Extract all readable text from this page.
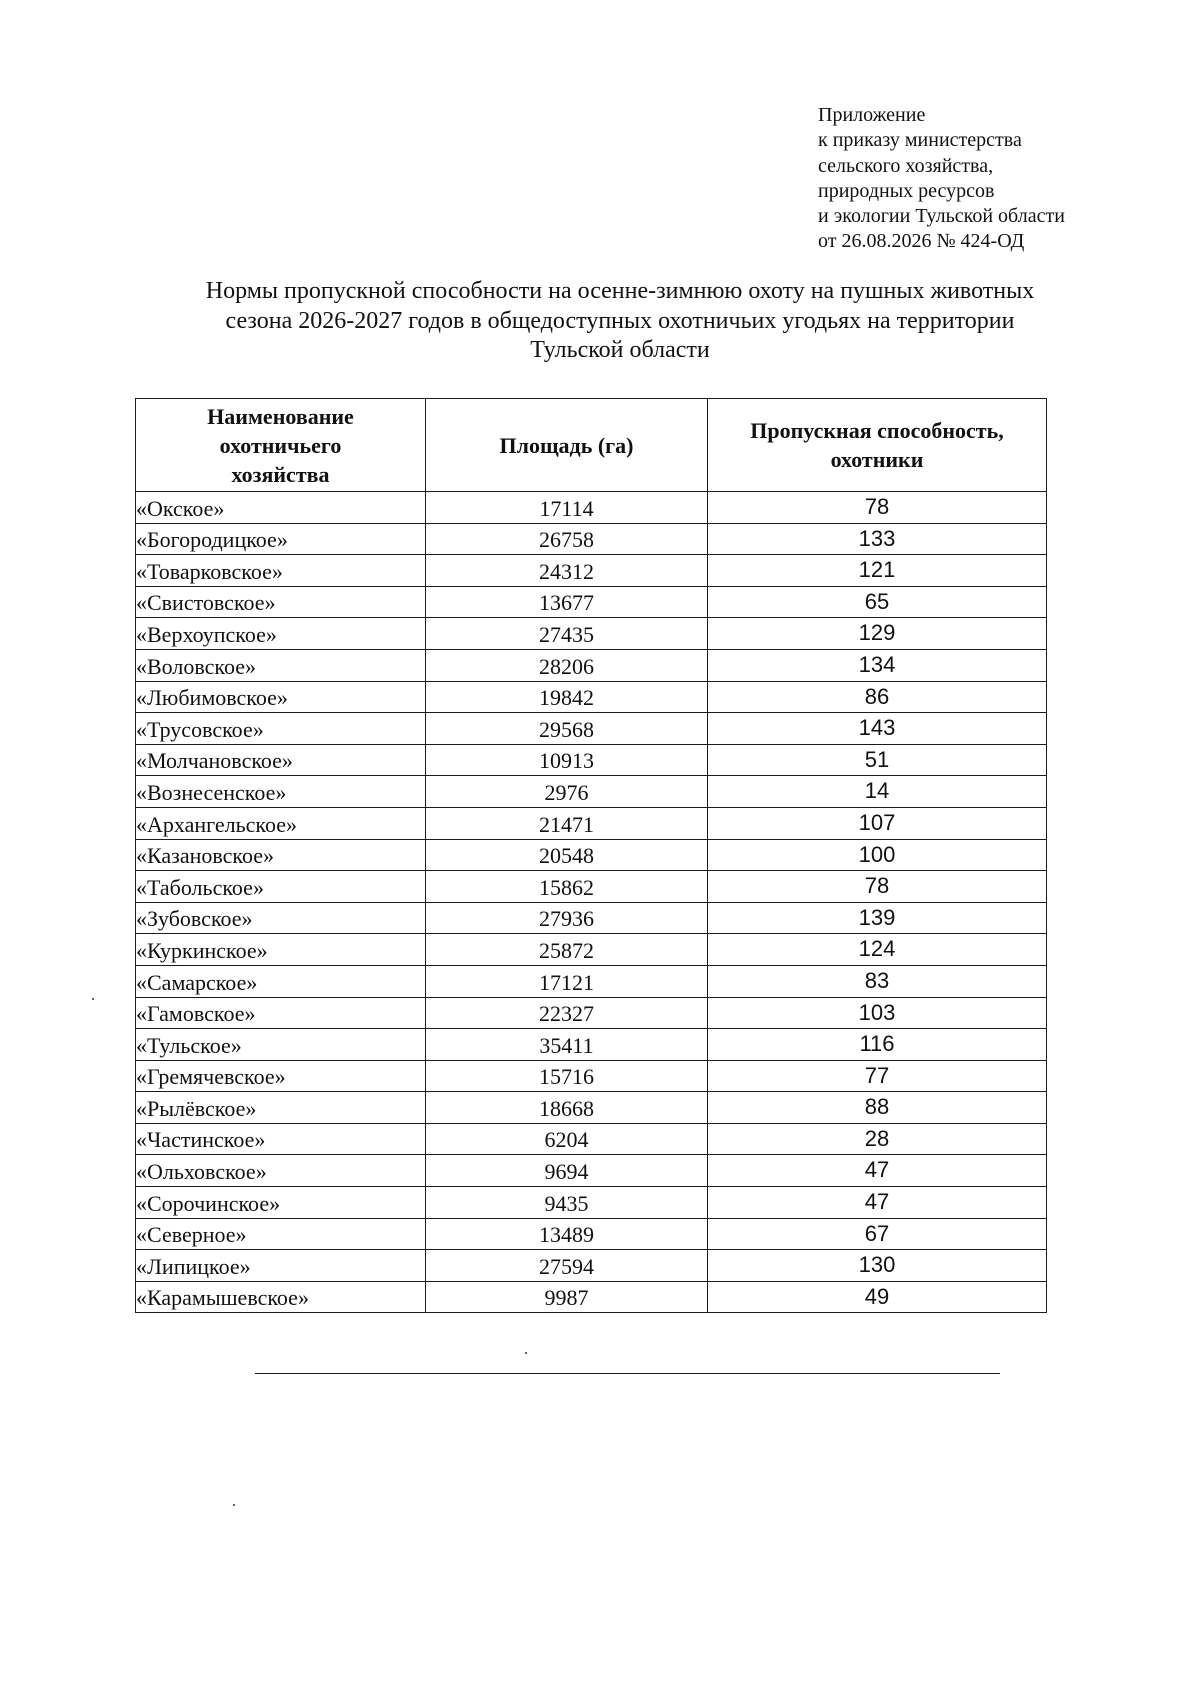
Приложение
к приказу министерства
сельского хозяйства,
природных ресурсов
и экологии Тульской области
от 26.08.2026 № 424-ОД
Нормы пропускной способности на осенне-зимнюю охоту на пушных животных
сезона 2026-2027 годов в общедоступных охотничьих угодьях на территории
Тульской области
Наименование
охотничьего
хозяйства	Площадь (га)	Пропускная способность,
охотники
«Окское»	17114	78
«Богородицкое»	26758	133
«Товарковское»	24312	121
«Свистовское»	13677	65
«Верхоупское»	27435	129
«Воловское»	28206	134
«Любимовское»	19842	86
«Трусовское»	29568	143
«Молчановское»	10913	51
«Вознесенское»	2976	14
«Архангельское»	21471	107
«Казановское»	20548	100
«Табольское»	15862	78
«Зубовское»	27936	139
«Куркинское»	25872	124
«Самарское»	17121	83
«Гамовское»	22327	103
«Тульское»	35411	116
«Гремячевское»	15716	77
«Рылёвское»	18668	88
«Частинское»	6204	28
«Ольховское»	9694	47
«Сорочинское»	9435	47
«Северное»	13489	67
«Липицкое»	27594	130
«Карамышевское»	9987	49
